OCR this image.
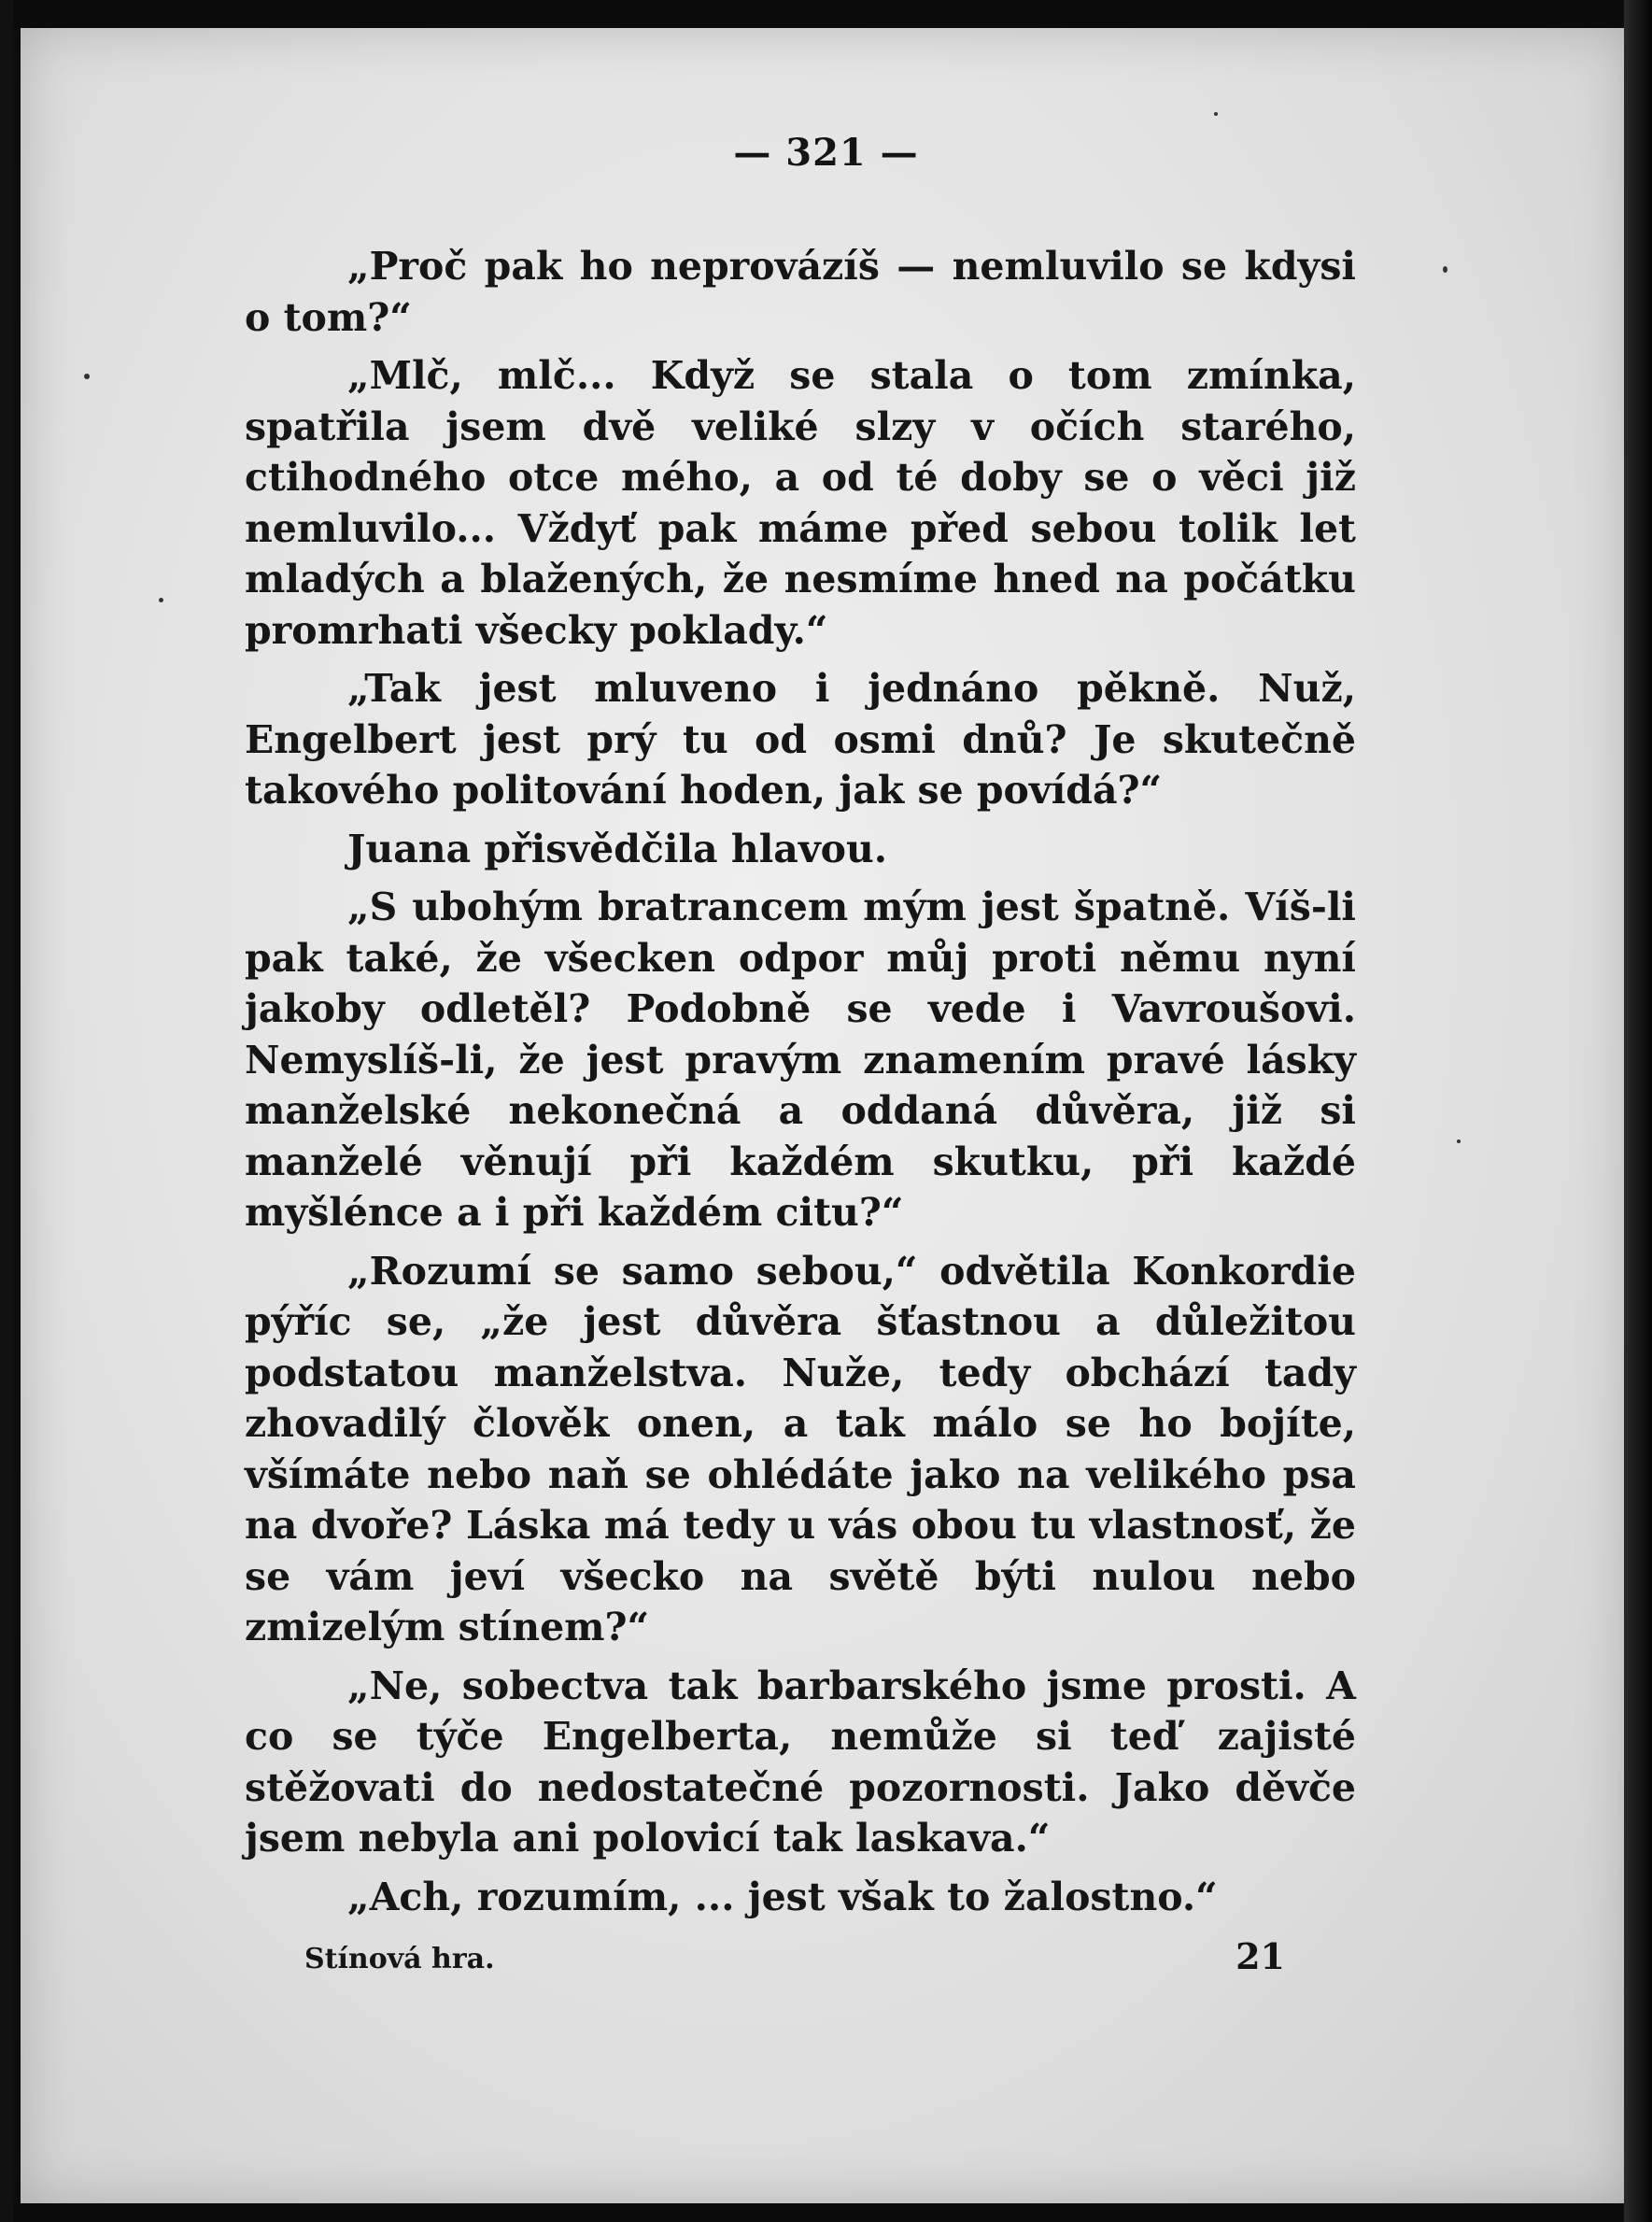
— 321 —

„Proč pak ho neprovázíš — nemluvilo se kdysi o tom?“

„Mlč, mlč... Když se stala o tom zmínka, spatřila jsem dvě veliké slzy v očích starého, ctihodného otce mého, a od té doby se o věci již nemluvilo... Vždyť pak máme před sebou tolik let mladých a blažených, že nesmíme hned na počátku promrhati všecky poklady.“

„Tak jest mluveno i jednáno pěkně. Nuž, Engelbert jest prý tu od osmi dnů? Je skutečně takového politování hoden, jak se povídá?“

Juana přisvědčila hlavou.

„S ubohým bratrancem mým jest špatně. Víš-li pak také, že všecken odpor můj proti němu nyní jakoby odletěl? Podobně se vede i Vavroušovi. Nemyslíš-li, že jest pravým znamením pravé lásky manželské nekonečná a oddaná důvěra, již si manželé věnují při každém skutku, při každé myšlénce a i při každém citu?“

„Rozumí se samo sebou,“ odvětila Konkordie pýříc se, „že jest důvěra šťastnou a důležitou podstatou manželstva. Nuže, tedy obchází tady zhovadilý člověk onen, a tak málo se ho bojíte, všímáte nebo naň se ohlédáte jako na velikého psa na dvoře? Láska má tedy u vás obou tu vlastnosť, že se vám jeví všecko na světě býti nulou nebo zmizelým stínem?“

„Ne, sobectva tak barbarského jsme prosti. A co se týče Engelberta, nemůže si teď zajisté stěžovati do nedostatečné pozornosti. Jako děvče jsem nebyla ani polovicí tak laskava.“

„Ach, rozumím, ... jest však to žalostno.“

Stínová hra.	21
